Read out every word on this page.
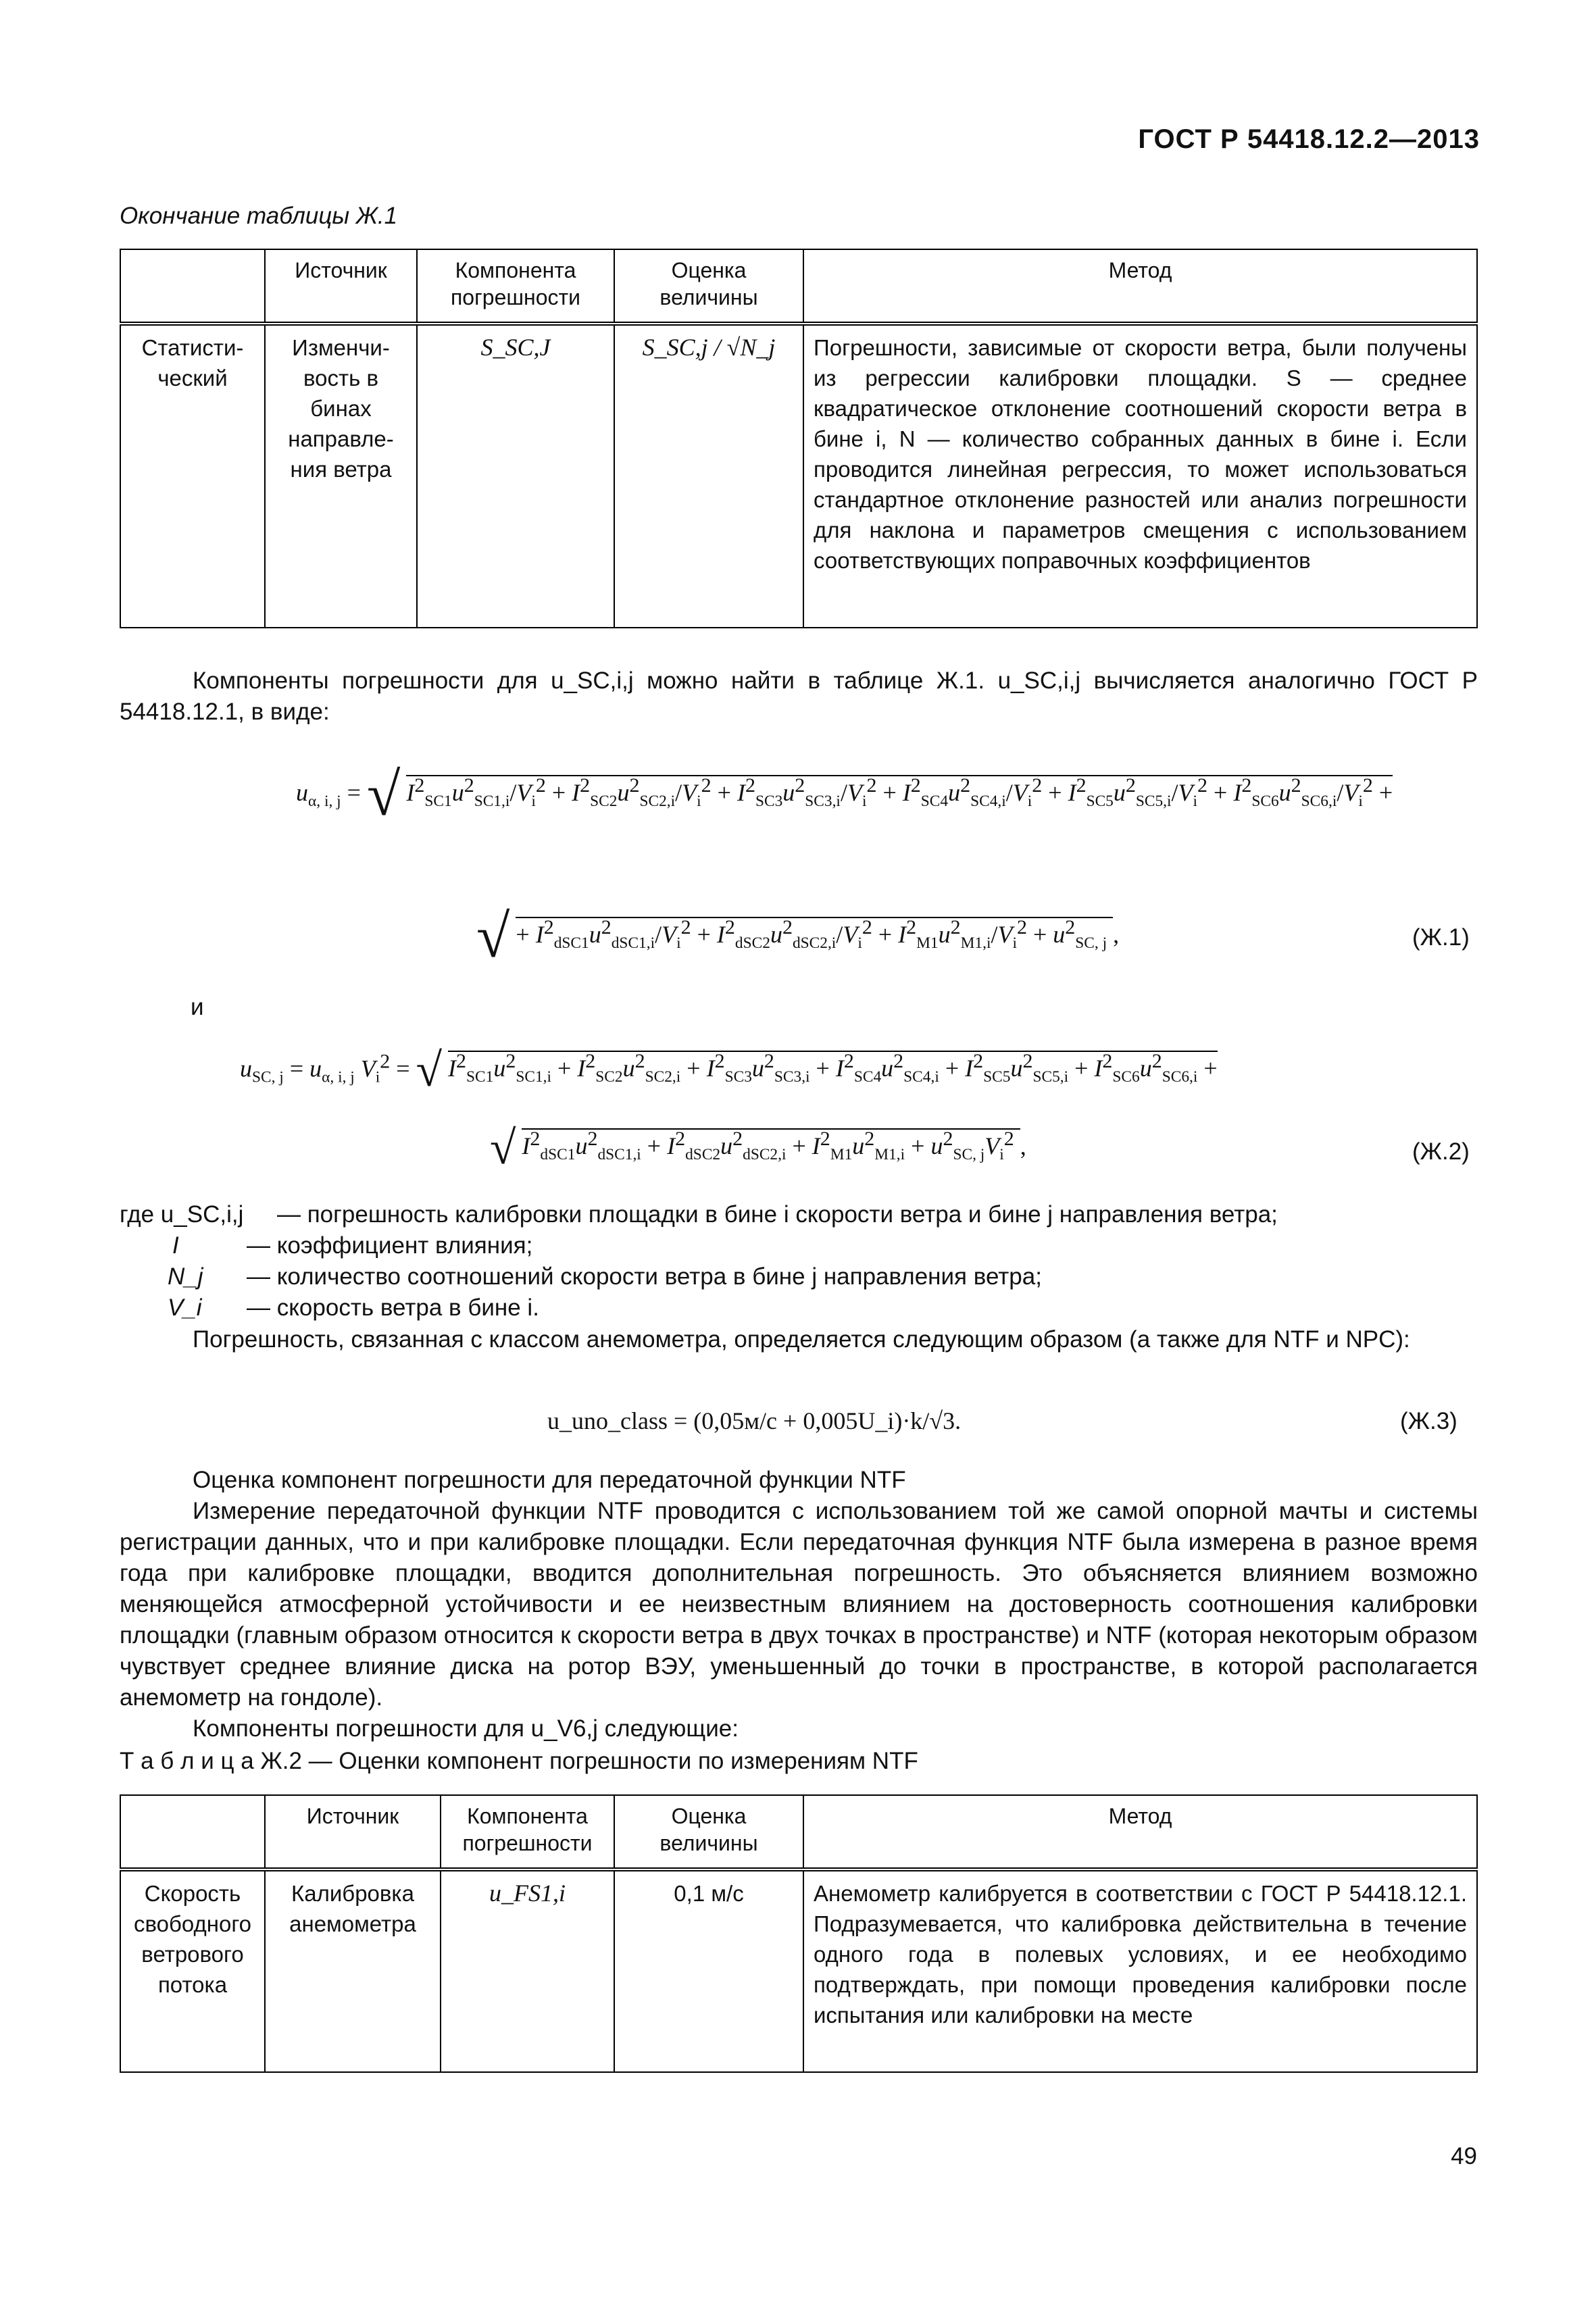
ГОСТ Р 54418.12.2—2013
Окончание таблицы Ж.1
	Источник	Компонента погрешности	Оценка величины	Метод
Статисти-ческий	Изменчи-вость в бинах направле-ния ветра	S_SC,J	S_SC,j / √N_j	Погрешности, зависимые от скорости ветра, были получены из регрессии калибровки площадки. S — среднее квадратическое отклонение соотношений скорости ветра в бине i, N — количество собранных данных в бине i. Если проводится линейная регрессия, то может использоваться стандартное отклонение разностей или анализ погрешности для наклона и параметров смещения с использованием соответствующих поправочных коэффициентов
Компоненты погрешности для u_SC,i,j можно найти в таблице Ж.1. u_SC,i,j вычисляется аналогично ГОСТ Р 54418.12.1, в виде:
$u_{\alpha, i, j}$ = √ $I^2_{SC1}u^2_{SC1,i}/V_i^2 + I^2_{SC2}u^2_{SC2,i}/V_i^2 + I^2_{SC3}u^2_{SC3,i}/V_i^2 + I^2_{SC4}u^2_{SC4,i}/V_i^2 + I^2_{SC5}u^2_{SC5,i}/V_i^2 + I^2_{SC6}u^2_{SC6,i}/V_i^2$ +
√ + $I^2_{dSC1}u^2_{dSC1,i}/V_i^2 + I^2_{dSC2}u^2_{dSC2,i}/V_i^2 + I^2_{M1}u^2_{M1,i}/V_i^2 + u^2_{SC, j}$ ,	(Ж.1)
и
$u_{SC, j} = u_{\alpha, i, j}$ $V_i^2$ = √ $I^2_{SC1}u^2_{SC1,i} + I^2_{SC2}u^2_{SC2,i} + I^2_{SC3}u^2_{SC3,i} + I^2_{SC4}u^2_{SC4,i} + I^2_{SC5}u^2_{SC5,i} + I^2_{SC6}u^2_{SC6,i}$ +
√ $I^2_{dSC1}u^2_{dSC1,i} + I^2_{dSC2}u^2_{dSC2,i} + I^2_{M1}u^2_{M1,i} + u^2_{SC, j}V_i^2$ ,	(Ж.2)
где u_SC,i,j — погрешность калибровки площадки в бине i скорости ветра и бине j направления ветра;
I	— коэффициент влияния;
N_j — количество соотношений скорости ветра в бине j направления ветра;
V_i — скорость ветра в бине i.
Погрешность, связанная с классом анемометра, определяется следующим образом (а также для NTF и NPC):
u_uno_class = (0,05м/с + 0,005U_i)·k/√3.	(Ж.3)
Оценка компонент погрешности для передаточной функции NTF
Измерение передаточной функции NTF проводится с использованием той же самой опорной мачты и системы регистрации данных, что и при калибровке площадки. Если передаточная функция NTF была измерена в разное время года при калибровке площадки, вводится дополнительная погрешность. Это объясняется влиянием возможно меняющейся атмосферной устойчивости и ее неизвестным влиянием на достоверность соотношения калибровки площадки (главным образом относится к скорости ветра в двух точках в пространстве) и NTF (которая некоторым образом чувствует среднее влияние диска на ротор ВЭУ, уменьшенный до точки в пространстве, в которой располагается анемометр на гондоле).
Компоненты погрешности для u_V6,j следующие:
Т а б л и ц а Ж.2 — Оценки компонент погрешности по измерениям NTF
	Источник	Компонента погрешности	Оценка величины	Метод
Скорость свободного ветрового потока	Калибровка анемометра	u_FS1,i	0,1 м/с	Анемометр калибруется в соответствии с ГОСТ Р 54418.12.1. Подразумевается, что калибровка действительна в течение одного года в полевых условиях, и ее необходимо подтверждать, при помощи проведения калибровки после испытания или калибровки на месте
49
